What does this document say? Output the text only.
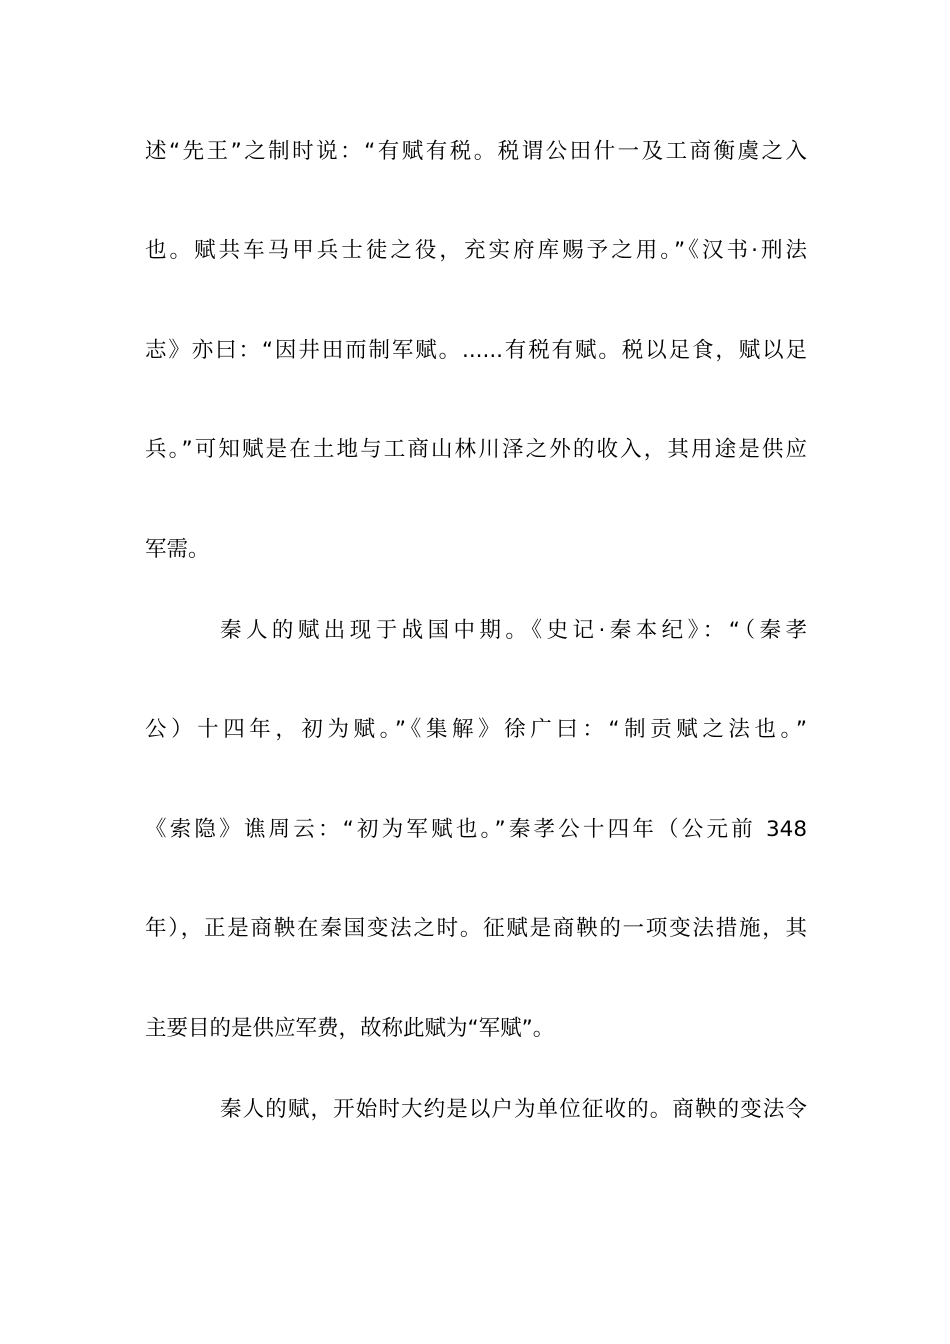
述“先王”之制时说：“有赋有税。税谓公田什一及工商衡虞之入
也。赋共车马甲兵士徒之役，充实府库赐予之用。”《汉书·刑法
志》亦曰：“因井田而制军赋。......有税有赋。税以足食，赋以足
兵。”可知赋是在土地与工商山林川泽之外的收入，其用途是供应
军需。
秦人的赋出现于战国中期。《史记·秦本纪》：“（秦孝
公）十四年，初为赋。”《集解》徐广曰：“制贡赋之法也。”
《索隐》谯周云：“初为军赋也。”秦孝公十四年（公元前 348
年），正是商鞅在秦国变法之时。征赋是商鞅的一项变法措施，其
主要目的是供应军费，故称此赋为“军赋”。
秦人的赋，开始时大约是以户为单位征收的。商鞅的变法令
